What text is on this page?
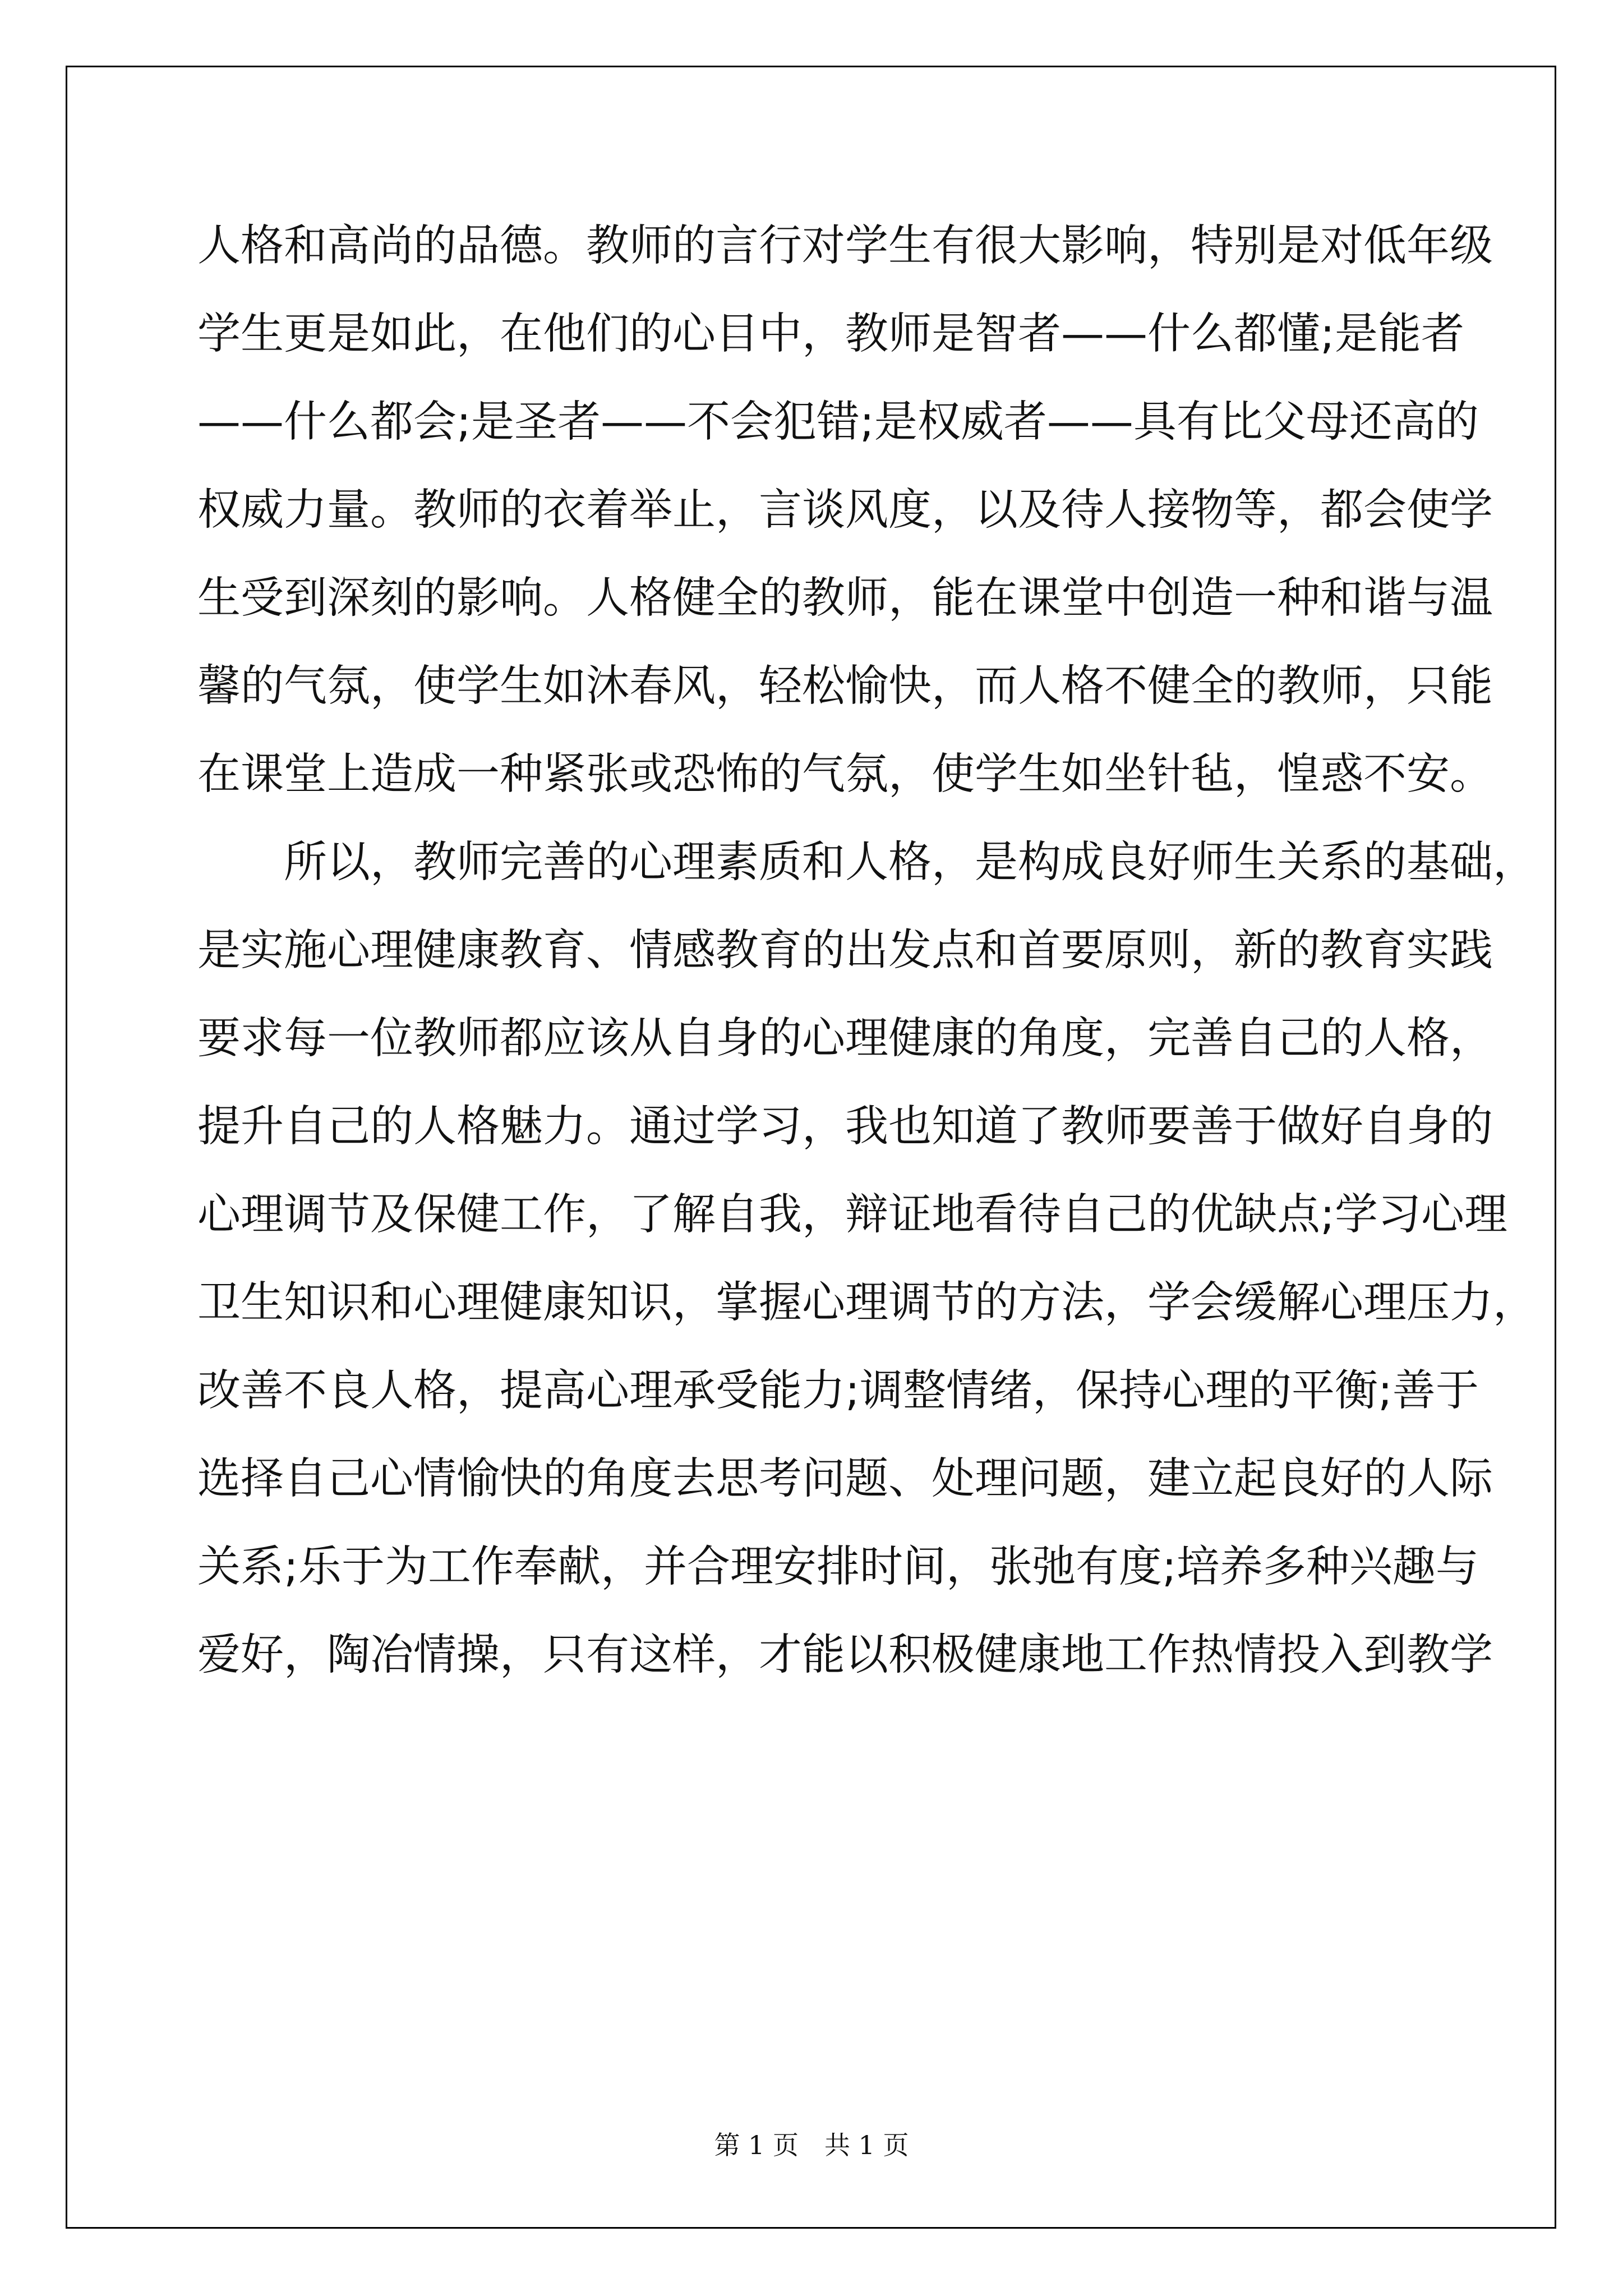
人格和高尚的品德。教师的言行对学生有很大影响，特别是对低年级
学生更是如此，在他们的心目中，教师是智者——什么都懂;是能者
——什么都会;是圣者——不会犯错;是权威者——具有比父母还高的
权威力量。教师的衣着举止，言谈风度，以及待人接物等，都会使学
生受到深刻的影响。人格健全的教师，能在课堂中创造一种和谐与温
馨的气氛，使学生如沐春风，轻松愉快，而人格不健全的教师，只能
在课堂上造成一种紧张或恐怖的气氛，使学生如坐针毡，惶惑不安。
所以，教师完善的心理素质和人格，是构成良好师生关系的基础，
是实施心理健康教育、情感教育的出发点和首要原则，新的教育实践
要求每一位教师都应该从自身的心理健康的角度，完善自己的人格，
提升自己的人格魅力。通过学习，我也知道了教师要善于做好自身的
心理调节及保健工作，了解自我，辩证地看待自己的优缺点;学习心理
卫生知识和心理健康知识，掌握心理调节的方法，学会缓解心理压力，
改善不良人格，提高心理承受能力;调整情绪，保持心理的平衡;善于
选择自己心情愉快的角度去思考问题、处理问题，建立起良好的人际
关系;乐于为工作奉献，并合理安排时间，张弛有度;培养多种兴趣与
爱好，陶冶情操，只有这样，才能以积极健康地工作热情投入到教学
第 1 页　共 1 页
